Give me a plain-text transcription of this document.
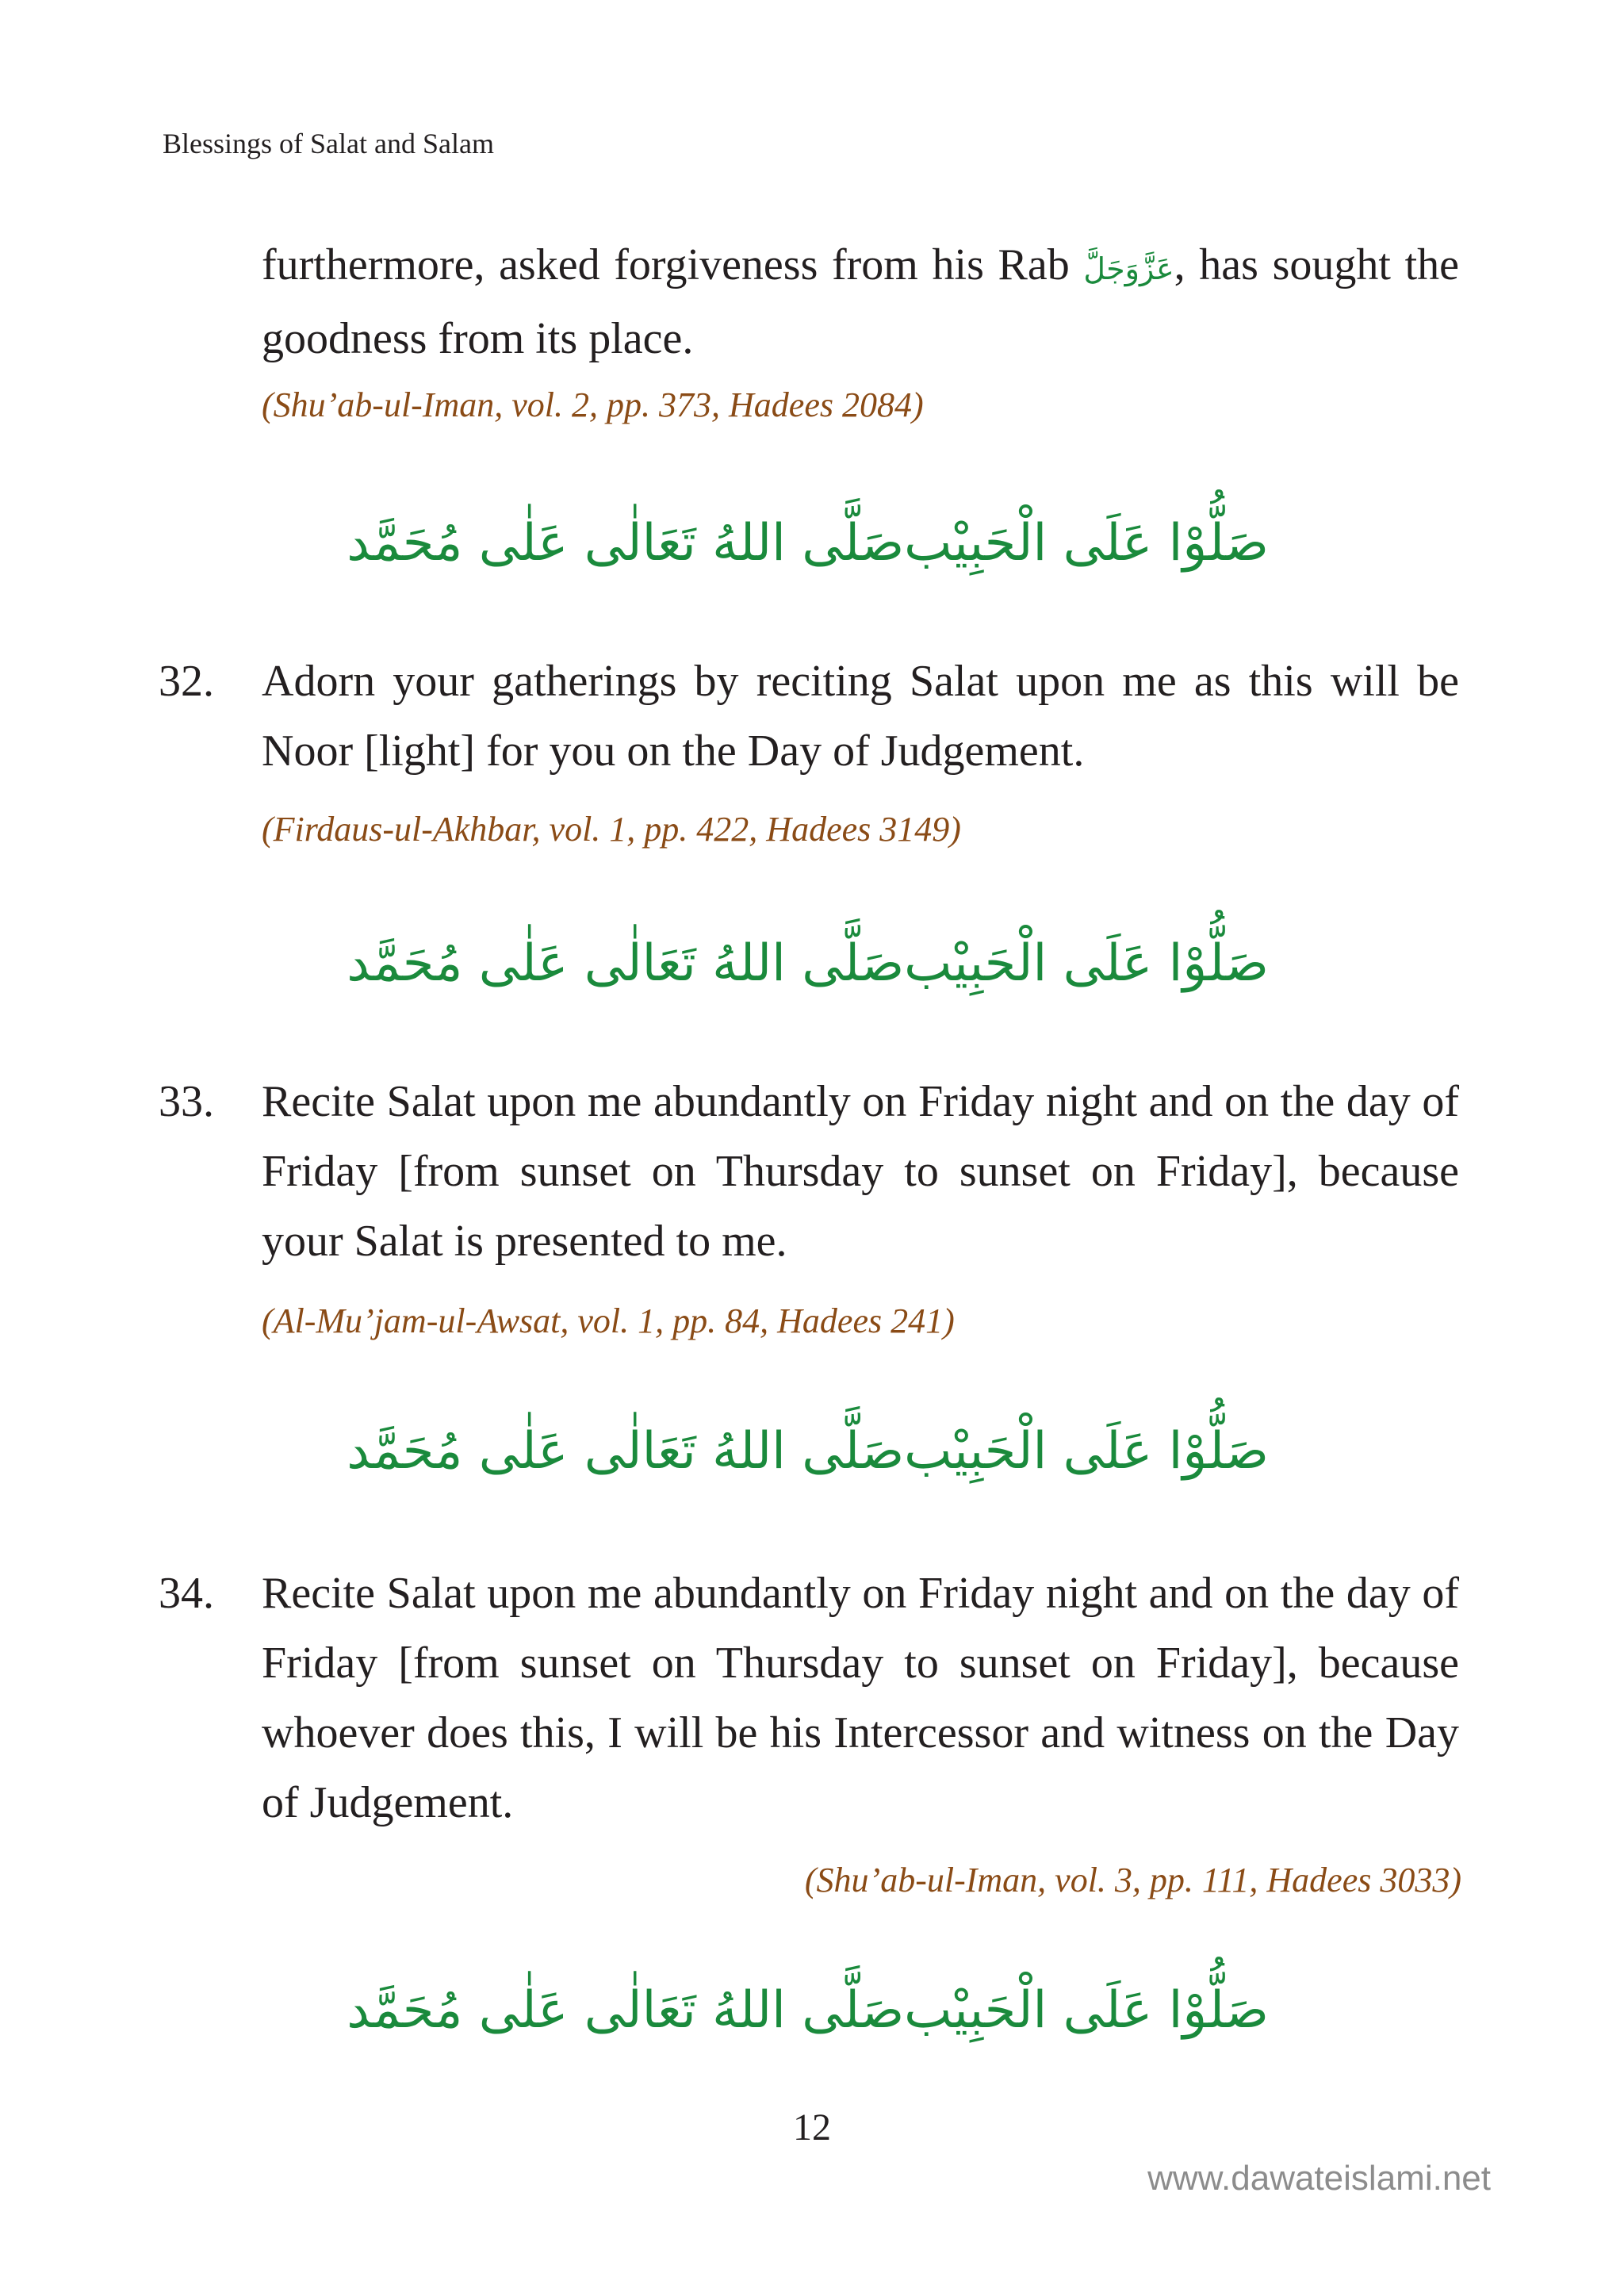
Blessings of Salat and Salam
furthermore, asked forgiveness from his Rab عَزَّوَجَلَّ, has sought the goodness from its place.
(Shu’ab-ul-Iman, vol. 2, pp. 373, Hadees 2084)
صَلُّوْا عَلَى الْحَبِيْب
صَلَّى اللهُ تَعَالٰى عَلٰى مُحَمَّد
32. Adorn your gatherings by reciting Salat upon me as this will be Noor [light] for you on the Day of Judgement.
(Firdaus-ul-Akhbar, vol. 1, pp. 422, Hadees 3149)
صَلُّوْا عَلَى الْحَبِيْب
صَلَّى اللهُ تَعَالٰى عَلٰى مُحَمَّد
33. Recite Salat upon me abundantly on Friday night and on the day of Friday [from sunset on Thursday to sunset on Friday], because your Salat is presented to me.
(Al-Mu’jam-ul-Awsat, vol. 1, pp. 84, Hadees 241)
صَلُّوْا عَلَى الْحَبِيْب
صَلَّى اللهُ تَعَالٰى عَلٰى مُحَمَّد
34. Recite Salat upon me abundantly on Friday night and on the day of Friday [from sunset on Thursday to sunset on Friday], because whoever does this, I will be his Intercessor and witness on the Day of Judgement.
(Shu’ab-ul-Iman, vol. 3, pp. 111, Hadees 3033)
صَلُّوْا عَلَى الْحَبِيْب
صَلَّى اللهُ تَعَالٰى عَلٰى مُحَمَّد
12
www.dawateislami.net
